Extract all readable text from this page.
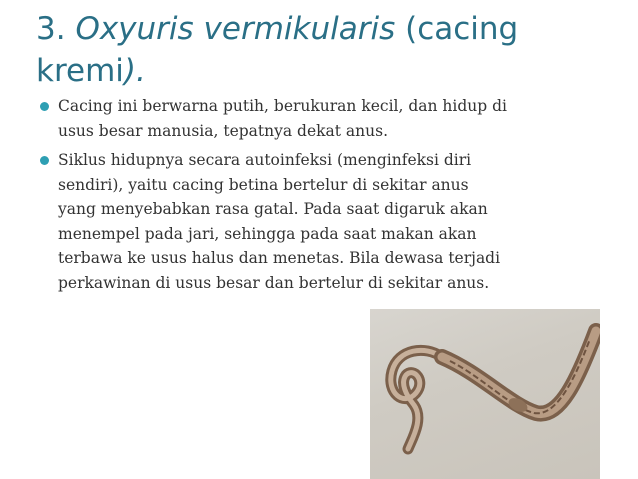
3. Oxyuris vermikularis (cacing kremi).
Cacing ini berwarna putih, berukuran kecil, dan hidup di
usus besar manusia, tepatnya dekat anus.
Siklus hidupnya secara autoinfeksi (menginfeksi diri
sendiri), yaitu cacing betina bertelur di sekitar anus
yang menyebabkan rasa gatal. Pada saat digaruk akan
menempel pada jari, sehingga pada saat makan akan
terbawa ke usus halus dan menetas. Bila dewasa terjadi
perkawinan di usus besar dan bertelur di sekitar anus.
